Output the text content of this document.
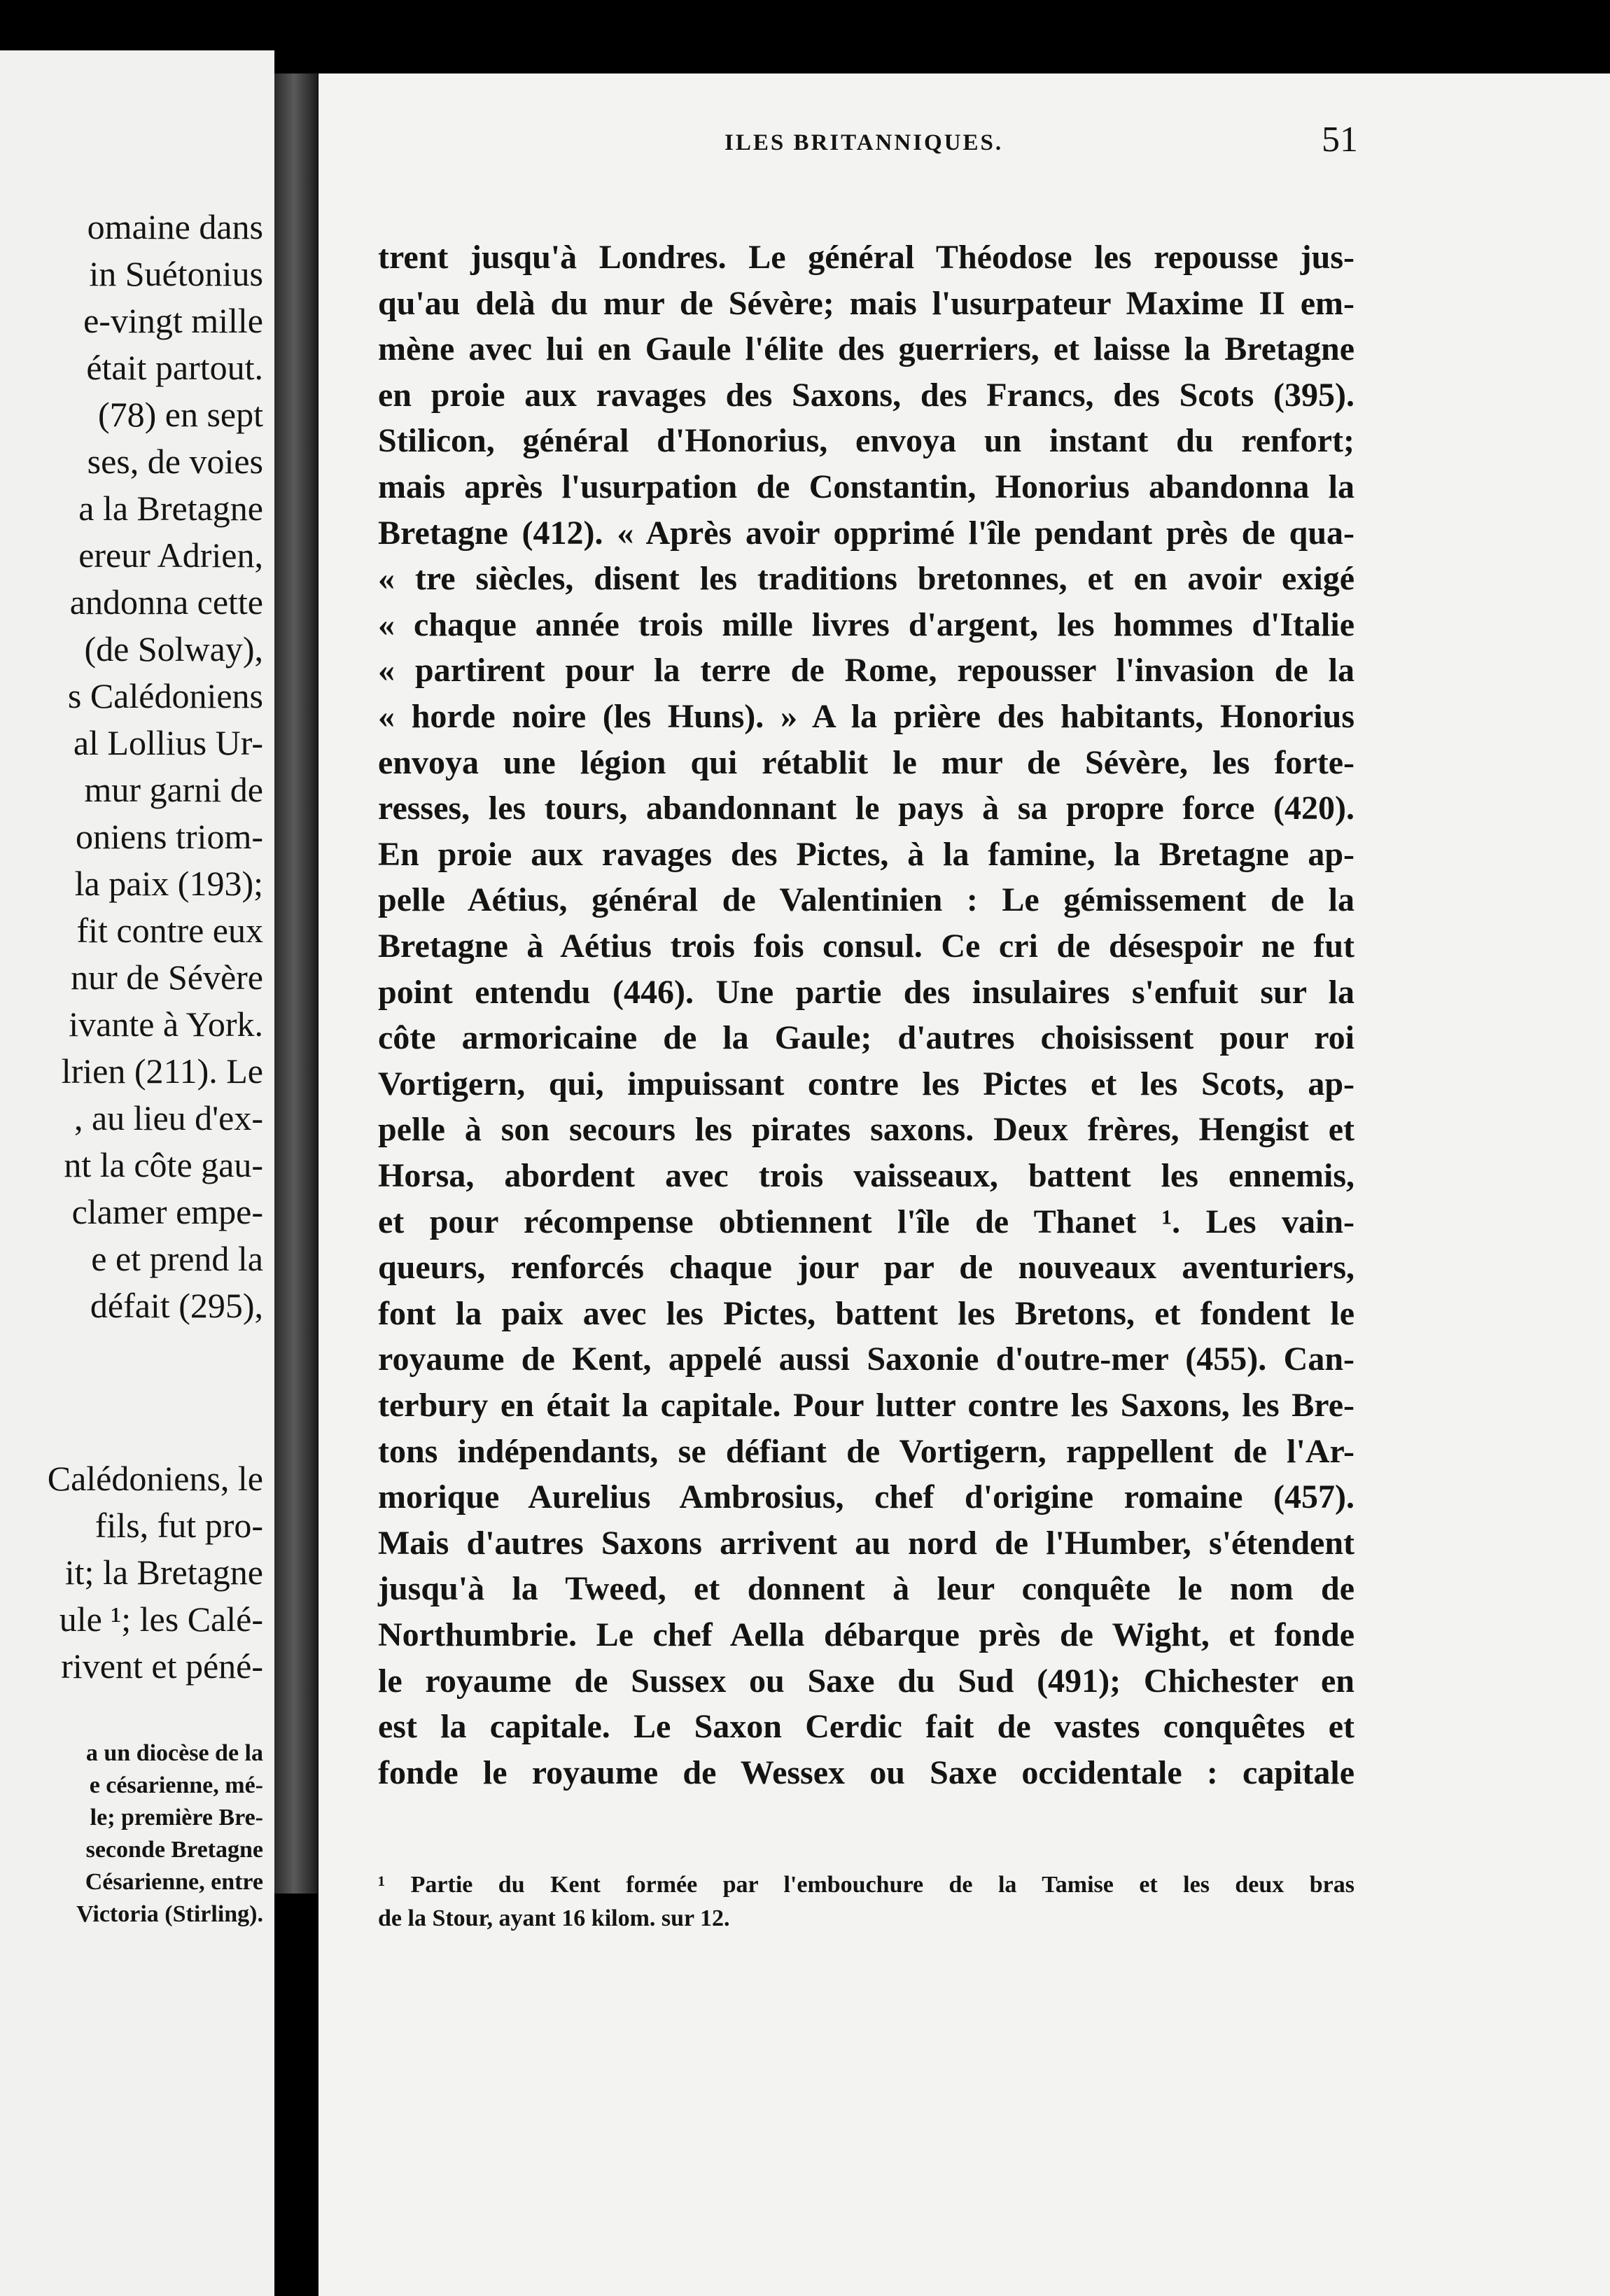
omaine dans
in Suétonius
e-vingt mille
était partout.
(78) en sept
ses, de voies
a la Bretagne
ereur Adrien,
andonna cette
(de Solway),
s Calédoniens
al Lollius Ur-
mur garni de
oniens triom-
la paix (193);
fit contre eux
nur de Sévère
ivante à York.
lrien (211). Le
, au lieu d'ex-
nt la côte gau-
clamer empe-
e et prend la
défait (295),
Calédoniens, le
fils, fut pro-
it; la Bretagne
ule ¹; les Calé-
rivent et péné-
a un diocèse de la
e césarienne, mé-
le; première Bre-
seconde Bretagne
Césarienne, entre
Victoria (Stirling).
ILES BRITANNIQUES.	51
trent jusqu'à Londres. Le général Théodose les repousse jus-
qu'au delà du mur de Sévère; mais l'usurpateur Maxime II em-
mène avec lui en Gaule l'élite des guerriers, et laisse la Bretagne
en proie aux ravages des Saxons, des Francs, des Scots (395).
Stilicon, général d'Honorius, envoya un instant du renfort;
mais après l'usurpation de Constantin, Honorius abandonna la
Bretagne (412). « Après avoir opprimé l'île pendant près de qua-
« tre siècles, disent les traditions bretonnes, et en avoir exigé
« chaque année trois mille livres d'argent, les hommes d'Italie
« partirent pour la terre de Rome, repousser l'invasion de la
« horde noire (les Huns). » A la prière des habitants, Honorius
envoya une légion qui rétablit le mur de Sévère, les forte-
resses, les tours, abandonnant le pays à sa propre force (420).
En proie aux ravages des Pictes, à la famine, la Bretagne ap-
pelle Aétius, général de Valentinien : Le gémissement de la
Bretagne à Aétius trois fois consul. Ce cri de désespoir ne fut
point entendu (446). Une partie des insulaires s'enfuit sur la
côte armoricaine de la Gaule; d'autres choisissent pour roi
Vortigern, qui, impuissant contre les Pictes et les Scots, ap-
pelle à son secours les pirates saxons. Deux frères, Hengist et
Horsa, abordent avec trois vaisseaux, battent les ennemis,
et pour récompense obtiennent l'île de Thanet ¹. Les vain-
queurs, renforcés chaque jour par de nouveaux aventuriers,
font la paix avec les Pictes, battent les Bretons, et fondent le
royaume de Kent, appelé aussi Saxonie d'outre-mer (455). Can-
terbury en était la capitale. Pour lutter contre les Saxons, les Bre-
tons indépendants, se défiant de Vortigern, rappellent de l'Ar-
morique Aurelius Ambrosius, chef d'origine romaine (457).
Mais d'autres Saxons arrivent au nord de l'Humber, s'étendent
jusqu'à la Tweed, et donnent à leur conquête le nom de
Northumbrie. Le chef Aella débarque près de Wight, et fonde
le royaume de Sussex ou Saxe du Sud (491); Chichester en
est la capitale. Le Saxon Cerdic fait de vastes conquêtes et
fonde le royaume de Wessex ou Saxe occidentale : capitale
¹ Partie du Kent formée par l'embouchure de la Tamise et les deux bras
de la Stour, ayant 16 kilom. sur 12.
